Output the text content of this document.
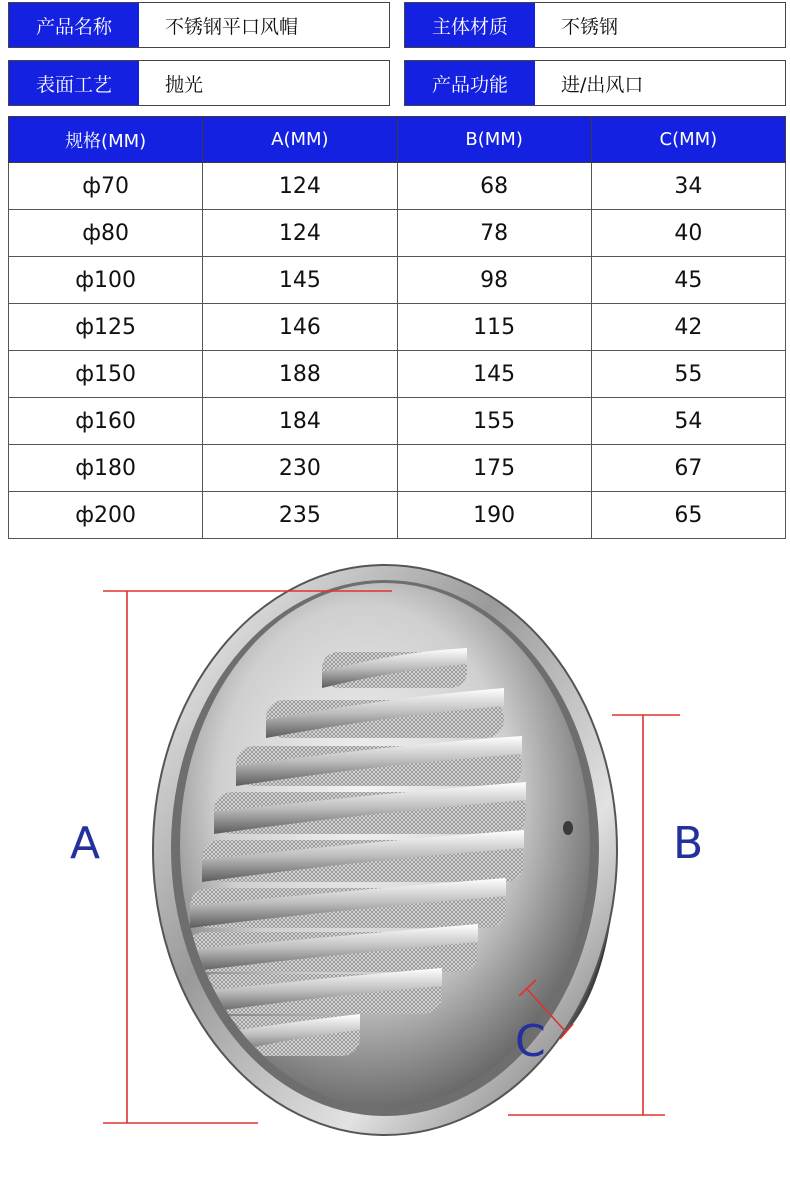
产品名称	不锈钢平口风帽	主体材质	不锈钢
表面工艺	抛光	产品功能	进/出风口
规格(MM)	A(MM)	B(MM)	C(MM)
ф70	124	68	34
ф80	124	78	40
ф100	145	98	45
ф125	146	115	42
ф150	188	145	55
ф160	184	155	54
ф180	230	175	67
ф200	235	190	65
A	B
C
